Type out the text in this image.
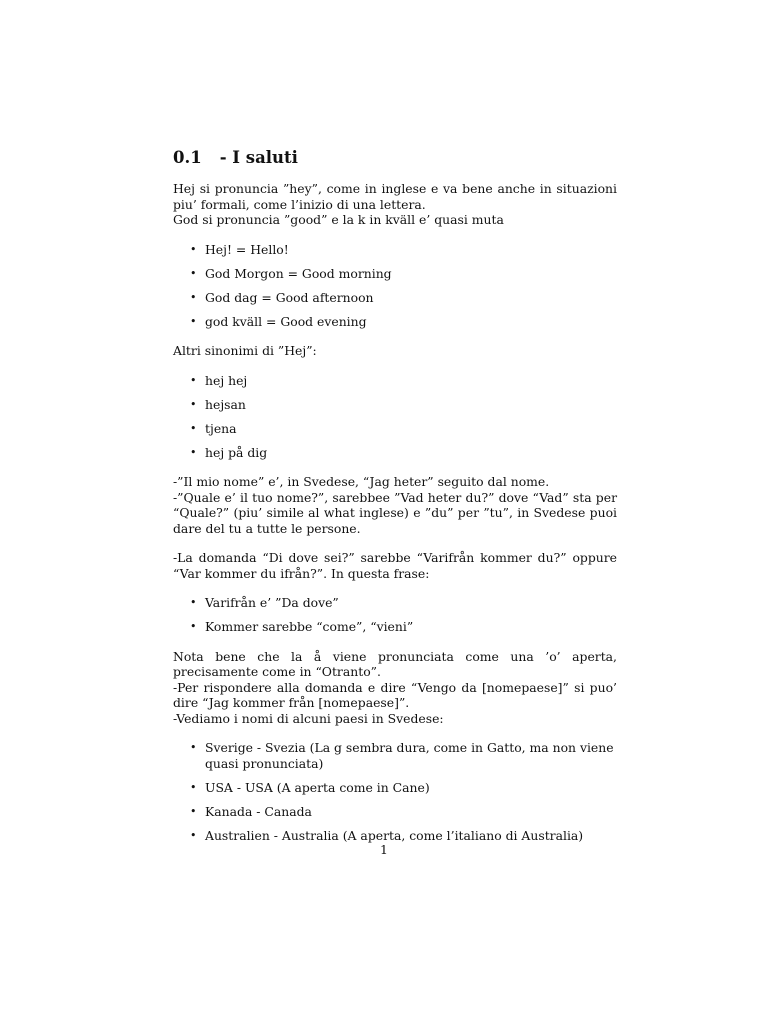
0.1 - I saluti

Hej si pronuncia ”hey”, come in inglese e va bene anche in situazioni piu’ formali, come l’inizio di una lettera.

God si pronuncia ”good” e la k in kväll e’ quasi muta

• Hej! = Hello!
• God Morgon = Good morning
• God dag = Good afternoon
• god kväll = Good evening

Altri sinonimi di ”Hej”:

• hej hej
• hejsan
• tjena
• hej på dig

-”Il mio nome” e’, in Svedese, “Jag heter” seguito dal nome.

-”Quale e’ il tuo nome?”, sarebbee ”Vad heter du?” dove “Vad” sta per “Quale?” (piu’ simile al what inglese) e ”du” per ”tu”, in Svedese puoi dare del tu a tutte le persone.

-La domanda “Di dove sei?” sarebbe “Varifrån kommer du?” oppure “Var kommer du ifrån?”. In questa frase:

• Varifrån e’ ”Da dove”
• Kommer sarebbe “come”, “vieni”

Nota bene che la å viene pronunciata come una ’o’ aperta, precisamente come in “Otranto”.

-Per rispondere alla domanda e dire “Vengo da [nomepaese]” si puo’ dire “Jag kommer från [nomepaese]”.

-Vediamo i nomi di alcuni paesi in Svedese:

• Sverige - Svezia (La g sembra dura, come in Gatto, ma non viene quasi pronunciata)
• USA - USA (A aperta come in Cane)
• Kanada - Canada
• Australien - Australia (A aperta, come l’italiano di Australia)
1
